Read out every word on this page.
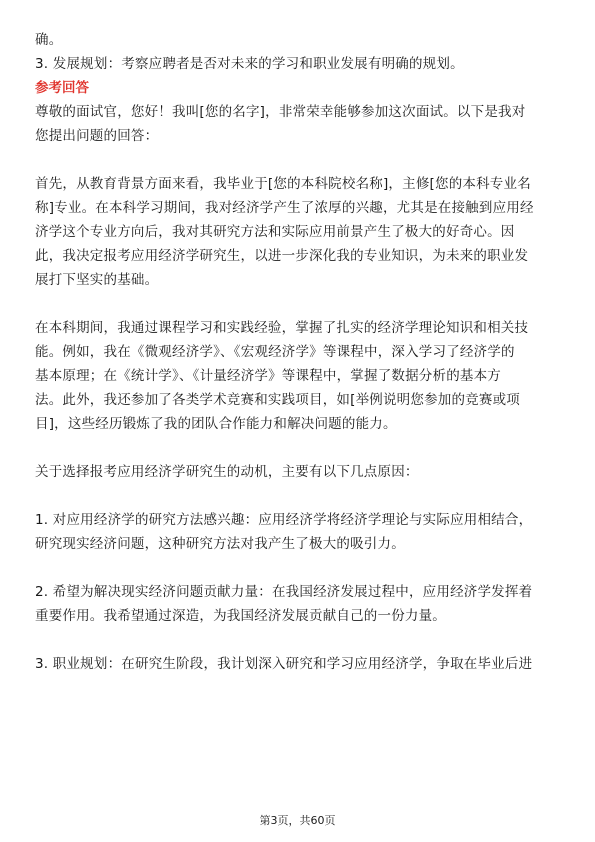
确。
3. 发展规划：考察应聘者是否对未来的学习和职业发展有明确的规划。
参考回答
尊敬的面试官，您好！我叫[您的名字]，非常荣幸能够参加这次面试。以下是我对
您提出问题的回答：
首先，从教育背景方面来看，我毕业于[您的本科院校名称]，主修[您的本科专业名
称]专业。在本科学习期间，我对经济学产生了浓厚的兴趣，尤其是在接触到应用经
济学这个专业方向后，我对其研究方法和实际应用前景产生了极大的好奇心。因
此，我决定报考应用经济学研究生，以进一步深化我的专业知识，为未来的职业发
展打下坚实的基础。
在本科期间，我通过课程学习和实践经验，掌握了扎实的经济学理论知识和相关技
能。例如，我在《微观经济学》、《宏观经济学》等课程中，深入学习了经济学的
基本原理；在《统计学》、《计量经济学》等课程中，掌握了数据分析的基本方
法。此外，我还参加了各类学术竞赛和实践项目，如[举例说明您参加的竞赛或项
目]，这些经历锻炼了我的团队合作能力和解决问题的能力。
关于选择报考应用经济学研究生的动机，主要有以下几点原因：
1. 对应用经济学的研究方法感兴趣：应用经济学将经济学理论与实际应用相结合，
研究现实经济问题，这种研究方法对我产生了极大的吸引力。
2. 希望为解决现实经济问题贡献力量：在我国经济发展过程中，应用经济学发挥着
重要作用。我希望通过深造，为我国经济发展贡献自己的一份力量。
3. 职业规划：在研究生阶段，我计划深入研究和学习应用经济学，争取在毕业后进
第3页，共60页
